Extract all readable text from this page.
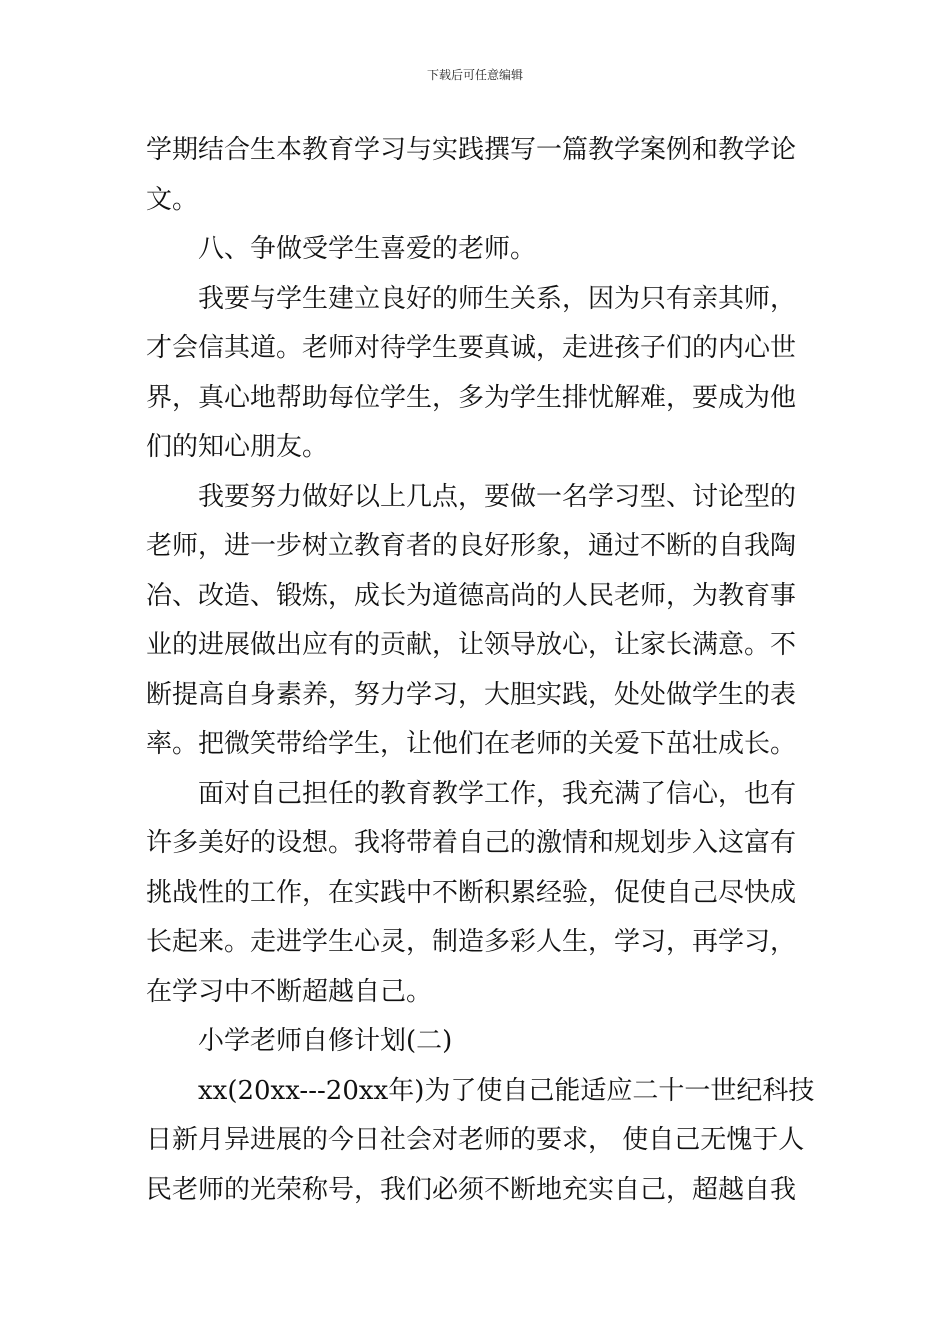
下载后可任意编辑
学期结合生本教育学习与实践撰写一篇教学案例和教学论
文。
八、争做受学生喜爱的老师。
我要与学生建立良好的师生关系，因为只有亲其师，
才会信其道。老师对待学生要真诚，走进孩子们的内心世
界，真心地帮助每位学生，多为学生排忧解难，要成为他
们的知心朋友。
我要努力做好以上几点，要做一名学习型、讨论型的
老师，进一步树立教育者的良好形象，通过不断的自我陶
冶、改造、锻炼，成长为道德高尚的人民老师，为教育事
业的进展做出应有的贡献，让领导放心，让家长满意。不
断提高自身素养，努力学习，大胆实践，处处做学生的表
率。把微笑带给学生，让他们在老师的关爱下茁壮成长。
面对自己担任的教育教学工作，我充满了信心，也有
许多美好的设想。我将带着自己的激情和规划步入这富有
挑战性的工作，在实践中不断积累经验，促使自己尽快成
长起来。走进学生心灵，制造多彩人生，学习，再学习，
在学习中不断超越自己。
小学老师自修计划(二)
xx(20xx---20xx年)为了使自己能适应二十一世纪科技
日新月异进展的今日社会对老师的要求， 使自己无愧于人
民老师的光荣称号，我们必须不断地充实自己，超越自我
